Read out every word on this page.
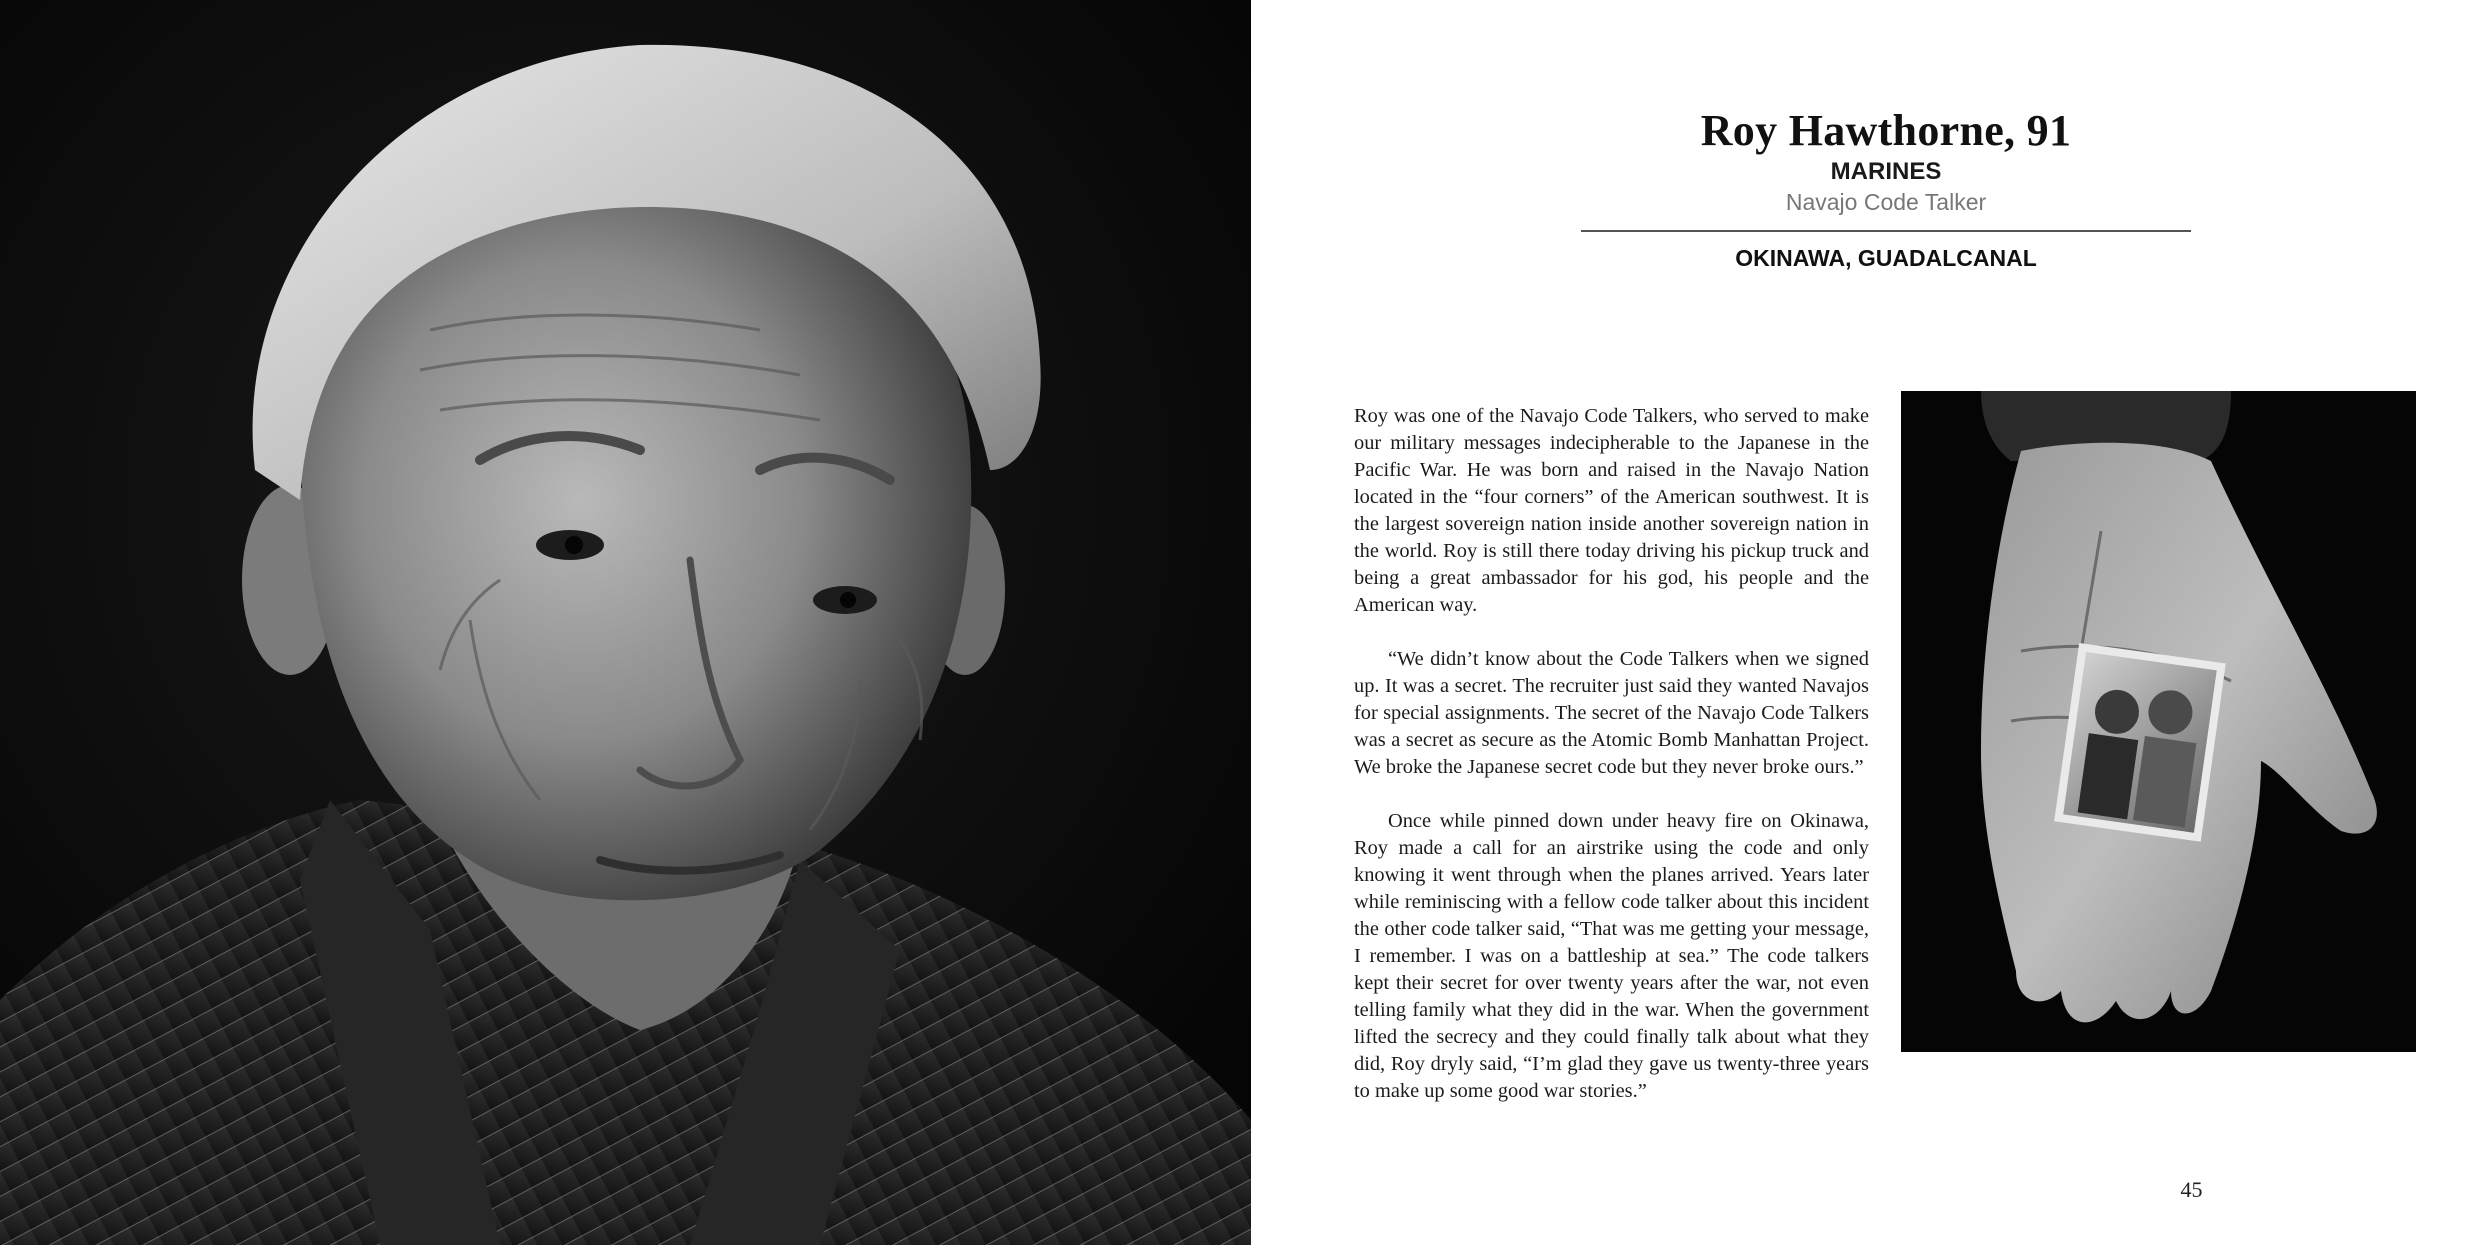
Roy Hawthorne, 91
MARINES
Navajo Code Talker
OKINAWA, GUADALCANAL

Roy was one of the Navajo Code Talkers, who served to make our military messages indecipherable to the Japanese in the Pacific War. He was born and raised in the Navajo Nation located in the “four corners” of the American southwest. It is the largest sovereign nation inside another sovereign nation in the world. Roy is still there today driving his pickup truck and being a great ambassador for his god, his people and the American way.

“We didn’t know about the Code Talkers when we signed up. It was a secret. The recruiter just said they wanted Navajos for special assignments. The secret of the Navajo Code Talkers was a secret as secure as the Atomic Bomb Manhattan Project. We broke the Japanese secret code but they never broke ours.”

Once while pinned down under heavy fire on Okinawa, Roy made a call for an airstrike using the code and only knowing it went through when the planes arrived. Years later while reminiscing with a fellow code talker about this incident the other code talker said, “That was me getting your message, I remember. I was on a battleship at sea.” The code talkers kept their secret for over twenty years after the war, not even telling family what they did in the war. When the government lifted the secrecy and they could finally talk about what they did, Roy dryly said, “I’m glad they gave us twenty-three years to make up some good war stories.”

45
